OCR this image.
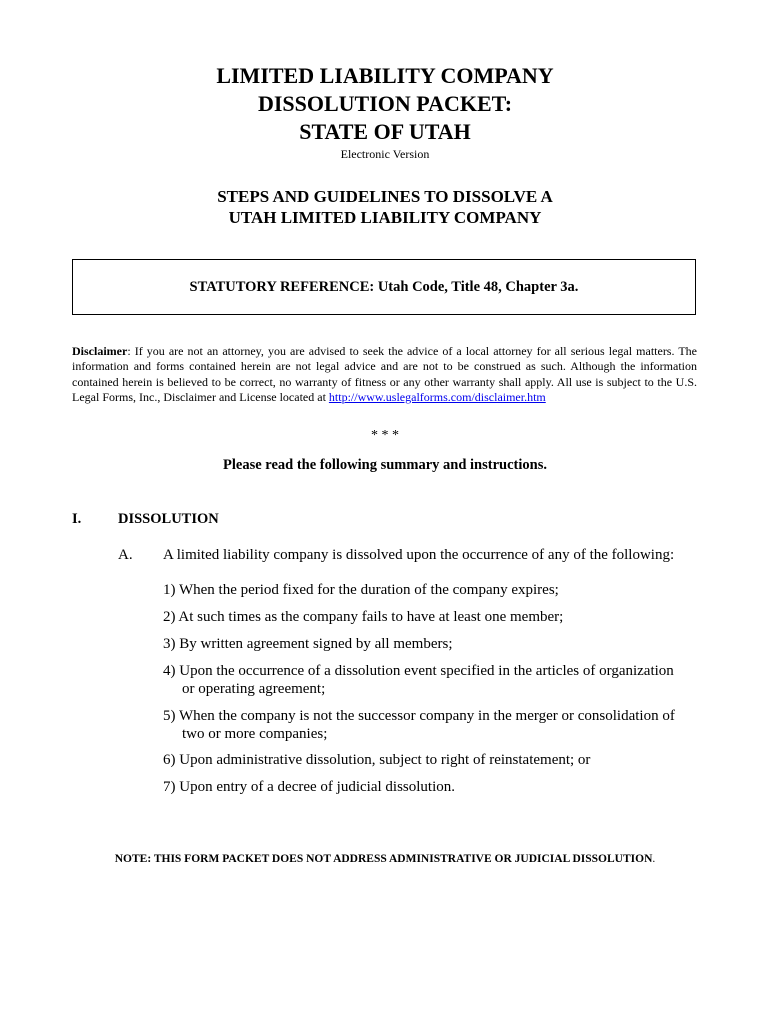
LIMITED LIABILITY COMPANY
DISSOLUTION PACKET:
STATE OF UTAH
Electronic Version
STEPS AND GUIDELINES TO DISSOLVE A
UTAH LIMITED LIABILITY COMPANY
STATUTORY REFERENCE: Utah Code, Title 48, Chapter 3a.
Disclaimer: If you are not an attorney, you are advised to seek the advice of a local attorney for all serious legal matters. The information and forms contained herein are not legal advice and are not to be construed as such. Although the information contained herein is believed to be correct, no warranty of fitness or any other warranty shall apply. All use is subject to the U.S. Legal Forms, Inc., Disclaimer and License located at http://www.uslegalforms.com/disclaimer.htm
* * *
Please read the following summary and instructions.
I.	DISSOLUTION
A. A limited liability company is dissolved upon the occurrence of any of the following:
1) When the period fixed for the duration of the company expires;
2) At such times as the company fails to have at least one member;
3) By written agreement signed by all members;
4) Upon the occurrence of a dissolution event specified in the articles of organization
or operating agreement;
5) When the company is not the successor company in the merger or consolidation of
two or more companies;
6) Upon administrative dissolution, subject to right of reinstatement; or
7) Upon entry of a decree of judicial dissolution.
NOTE: THIS FORM PACKET DOES NOT ADDRESS ADMINISTRATIVE OR JUDICIAL DISSOLUTION.
